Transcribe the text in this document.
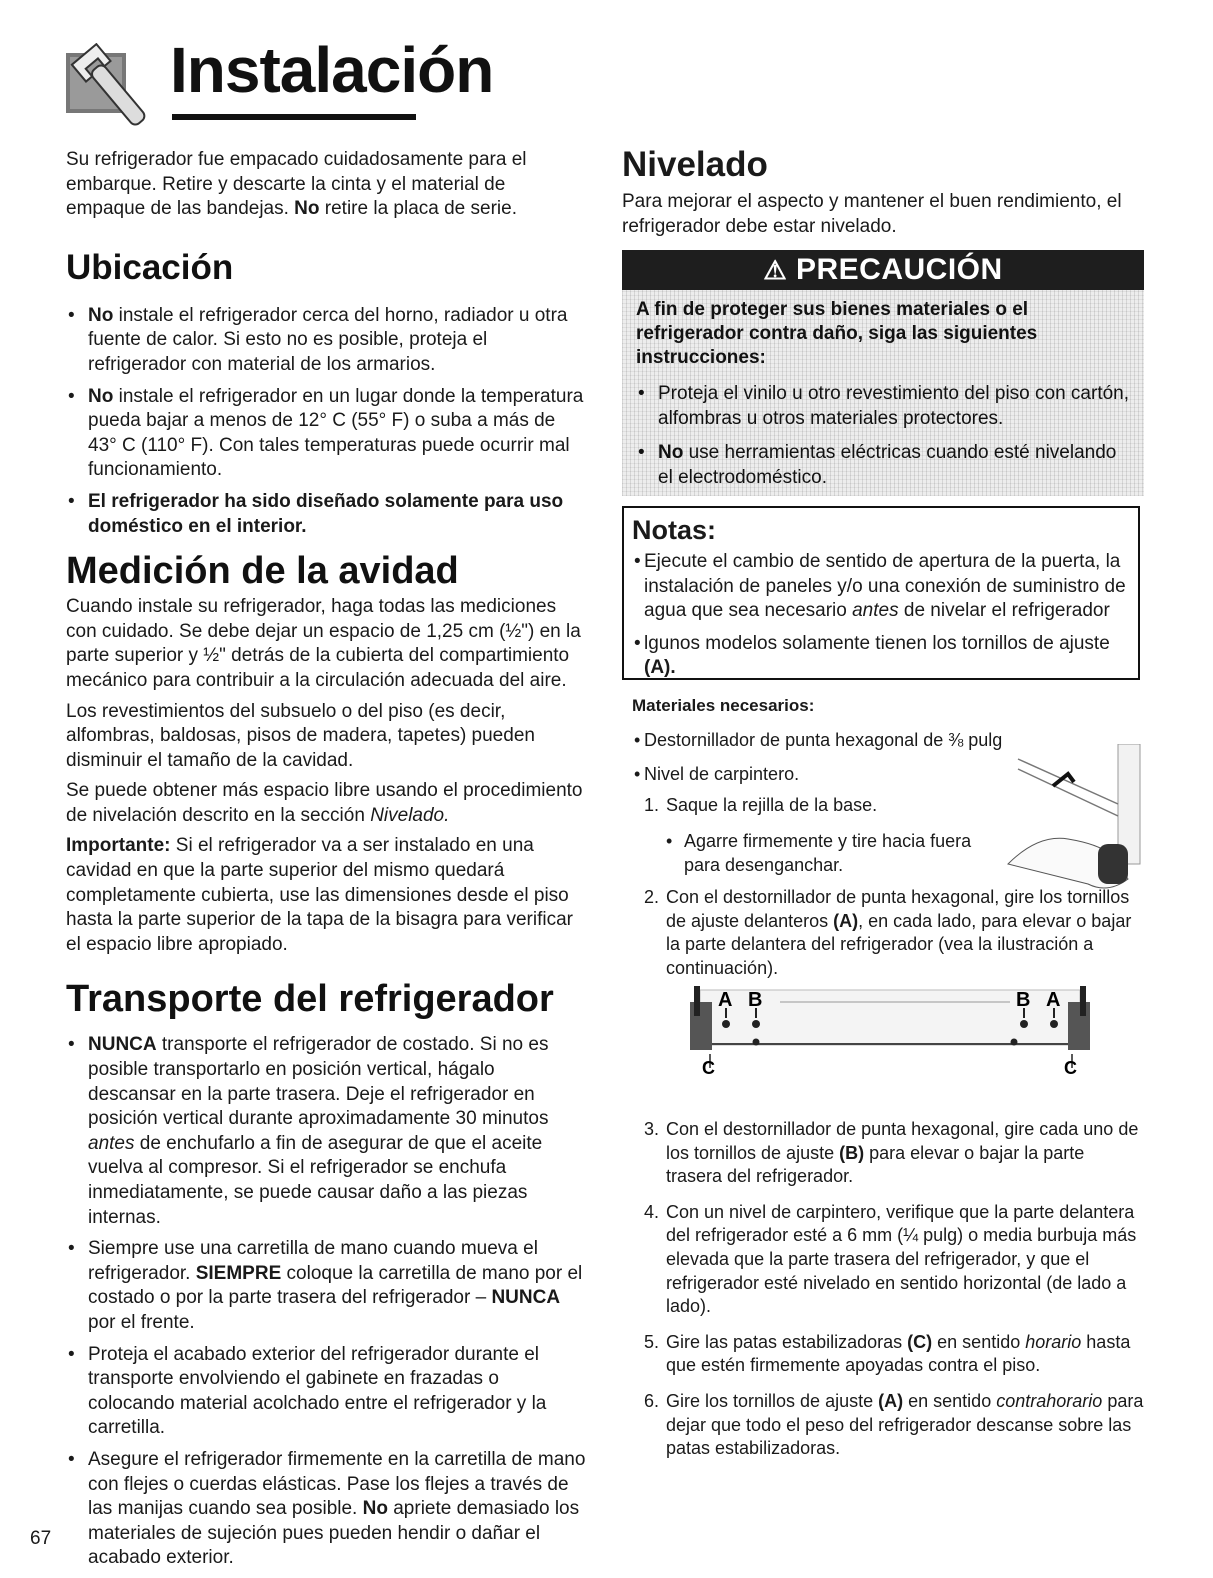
Instalación

Su refrigerador fue empacado cuidadosamente para el embarque. Retire y descarte la cinta y el material de empaque de las bandejas. No retire la placa de serie.

Ubicación
• No instale el refrigerador cerca del horno, radiador u otra fuente de calor. Si esto no es posible, proteja el refrigerador con material de los armarios.
• No instale el refrigerador en un lugar donde la temperatura pueda bajar a menos de 12° C (55° F) o suba a más de 43° C (110° F). Con tales temperaturas puede ocurrir mal funcionamiento.
• El refrigerador ha sido diseñado solamente para uso doméstico en el interior.
Medición de la avidad

Cuando instale su refrigerador, haga todas las mediciones con cuidado. Se debe dejar un espacio de 1,25 cm (½") en la parte superior y ½" detrás de la cubierta del compartimiento mecánico para contribuir a la circulación adecuada del aire.

Los revestimientos del subsuelo o del piso (es decir, alfombras, baldosas, pisos de madera, tapetes) pueden disminuir el tamaño de la cavidad.

Se puede obtener más espacio libre usando el procedimiento de nivelación descrito en la sección Nivelado.

Importante: Si el refrigerador va a ser instalado en una cavidad en que la parte superior del mismo quedará completamente cubierta, use las dimensiones desde el piso hasta la parte superior de la tapa de la bisagra para verificar el espacio libre apropiado.

Transporte del refrigerador
• NUNCA transporte el refrigerador de costado. Si no es posible transportarlo en posición vertical, hágalo descansar en la parte trasera. Deje el refrigerador en posición vertical durante aproximadamente 30 minutos antes de enchufarlo a fin de asegurar de que el aceite vuelva al compresor. Si el refrigerador se enchufa inmediatamente, se puede causar daño a las piezas internas.
• Siempre use una carretilla de mano cuando mueva el refrigerador. SIEMPRE coloque la carretilla de mano por el costado o por la parte trasera del refrigerador – NUNCA por el frente.
• Proteja el acabado exterior del refrigerador durante el transporte envolviendo el gabinete en frazadas o colocando material acolchado entre el refrigerador y la carretilla.
• Asegure el refrigerador firmemente en la carretilla de mano con flejes o cuerdas elásticas. Pase los flejes a través de las manijas cuando sea posible. No apriete demasiado los materiales de sujeción pues pueden hendir o dañar el acabado exterior.
67
Nivelado

Para mejorar el aspecto y mantener el buen rendimiento, el refrigerador debe estar nivelado.

⚠ PRECAUCIÓN

A fin de proteger sus bienes materiales o el refrigerador contra daño, siga las siguientes instrucciones:

• Proteja el vinilo u otro revestimiento del piso con cartón, alfombras u otros materiales protectores.
• No use herramientas eléctricas cuando esté nivelando el electrodoméstico.
Notas:
• Ejecute el cambio de sentido de apertura de la puerta, la instalación de paneles y/o una conexión de suministro de agua que sea necesario antes de nivelar el refrigerador
• lgunos modelos solamente tienen los tornillos de ajuste (A).
Materiales necesarios:
• Destornillador de punta hexagonal de ⅜ pulg
• Nivel de carpintero.
1. Saque la rejilla de la base.
• Agarre firmemente y tire hacia fuera para desenganchar.
2. Con el destornillador de punta hexagonal, gire los tornillos de ajuste delanteros (A), en cada lado, para elevar o bajar la parte delantera del refrigerador (vea la ilustración a continuación).
A B	B A
C	C
3. Con el destornillador de punta hexagonal, gire cada uno de los tornillos de ajuste (B) para elevar o bajar la parte trasera del refrigerador.
4. Con un nivel de carpintero, verifique que la parte delantera del refrigerador esté a 6 mm (¼ pulg) o media burbuja más elevada que la parte trasera del refrigerador, y que el refrigerador esté nivelado en sentido horizontal (de lado a lado).
5. Gire las patas estabilizadoras (C) en sentido horario hasta que estén firmemente apoyadas contra el piso.
6. Gire los tornillos de ajuste (A) en sentido contrahorario para dejar que todo el peso del refrigerador descanse sobre las patas estabilizadoras.
